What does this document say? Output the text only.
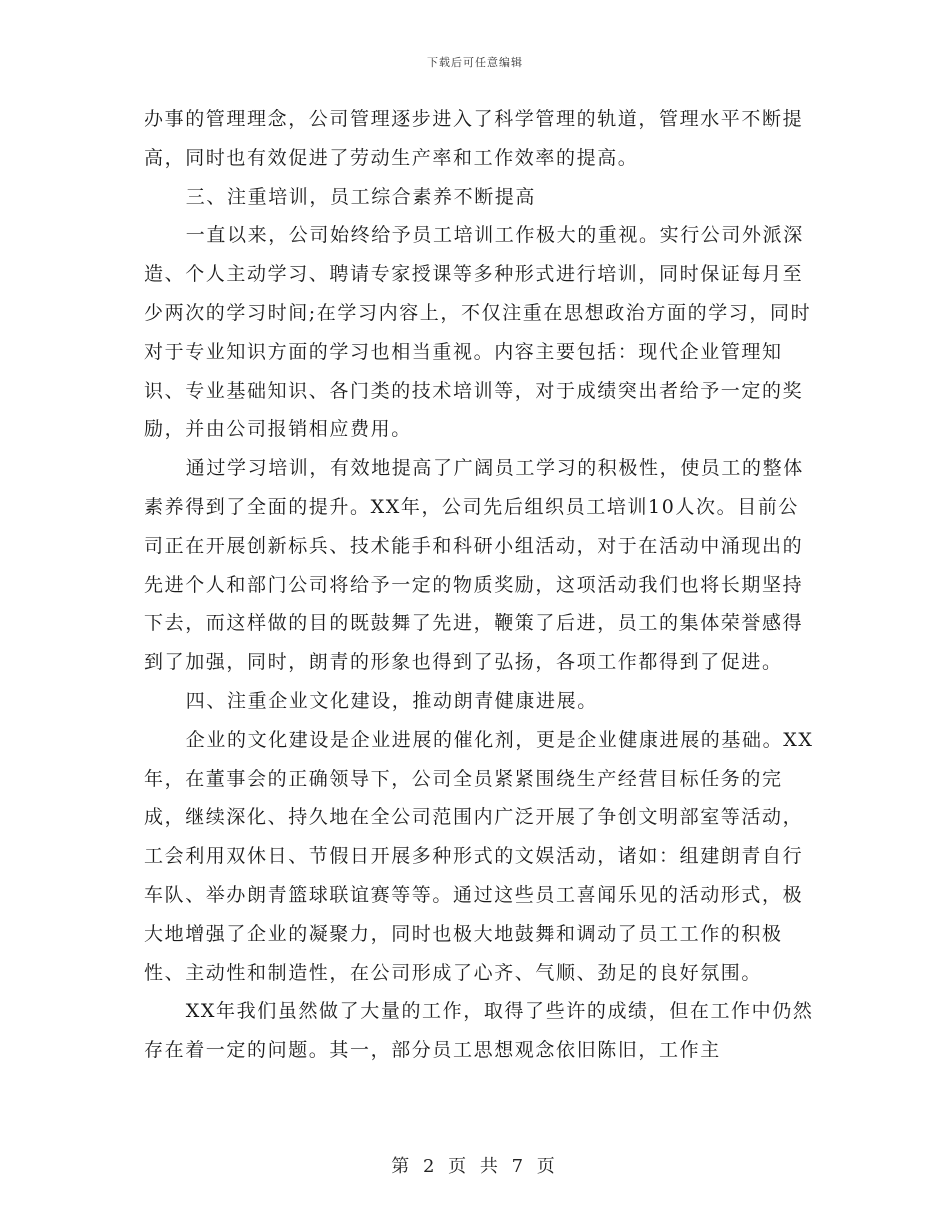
下载后可任意编辑

办事的管理理念，公司管理逐步进入了科学管理的轨道，管理水平不断提高，同时也有效促进了劳动生产率和工作效率的提高。

三、注重培训，员工综合素养不断提高

一直以来，公司始终给予员工培训工作极大的重视。实行公司外派深造、个人主动学习、聘请专家授课等多种形式进行培训，同时保证每月至少两次的学习时间;在学习内容上，不仅注重在思想政治方面的学习，同时对于专业知识方面的学习也相当重视。内容主要包括：现代企业管理知识、专业基础知识、各门类的技术培训等，对于成绩突出者给予一定的奖励，并由公司报销相应费用。

通过学习培训，有效地提高了广阔员工学习的积极性，使员工的整体素养得到了全面的提升。XX年，公司先后组织员工培训10人次。目前公司正在开展创新标兵、技术能手和科研小组活动，对于在活动中涌现出的先进个人和部门公司将给予一定的物质奖励，这项活动我们也将长期坚持下去，而这样做的目的既鼓舞了先进，鞭策了后进，员工的集体荣誉感得到了加强，同时，朗青的形象也得到了弘扬，各项工作都得到了促进。

四、注重企业文化建设，推动朗青健康进展。

企业的文化建设是企业进展的催化剂，更是企业健康进展的基础。XX年，在董事会的正确领导下，公司全员紧紧围绕生产经营目标任务的完成，继续深化、持久地在全公司范围内广泛开展了争创文明部室等活动，工会利用双休日、节假日开展多种形式的文娱活动，诸如：组建朗青自行车队、举办朗青篮球联谊赛等等。通过这些员工喜闻乐见的活动形式，极大地增强了企业的凝聚力，同时也极大地鼓舞和调动了员工工作的积极性、主动性和制造性，在公司形成了心齐、气顺、劲足的良好氛围。

XX年我们虽然做了大量的工作，取得了些许的成绩，但在工作中仍然存在着一定的问题。其一，部分员工思想观念依旧陈旧，工作主

第 2 页 共 7 页
